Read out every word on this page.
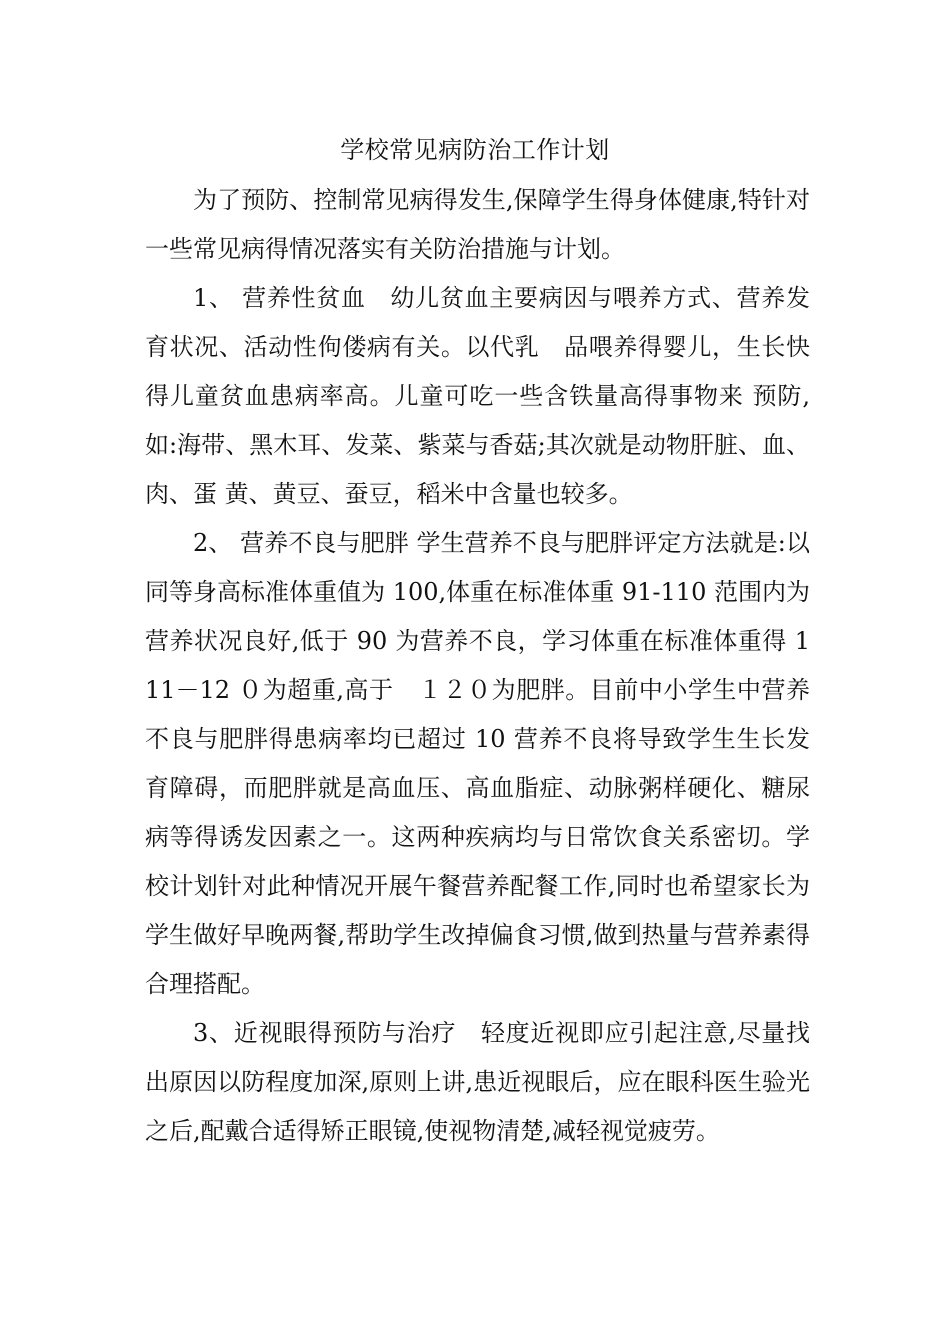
学校常见病防治工作计划

为了预防、控制常见病得发生,保障学生得身体健康,特针对一些常见病得情况落实有关防治措施与计划。

1、 营养性贫血　幼儿贫血主要病因与喂养方式、营养发育状况、活动性佝偻病有关。以代乳　品喂养得婴儿，生长快得儿童贫血患病率高。儿童可吃一些含铁量高得事物来 预防,如:海带、黑木耳、发菜、紫菜与香菇;其次就是动物肝脏、血、肉、蛋 黄、黄豆、蚕豆，稻米中含量也较多。

2、 营养不良与肥胖 学生营养不良与肥胖评定方法就是:以同等身高标准体重值为 100,体重在标准体重 91-110 范围内为营养状况良好,低于 90 为营养不良，学习体重在标准体重得 111－12 ０为超重,高于　１２０为肥胖。目前中小学生中营养不良与肥胖得患病率均已超过 10 营养不良将导致学生生长发育障碍，而肥胖就是高血压、高血脂症、动脉粥样硬化、糖尿病等得诱发因素之一。这两种疾病均与日常饮食关系密切。学校计划针对此种情况开展午餐营养配餐工作,同时也希望家长为学生做好早晚两餐,帮助学生改掉偏食习惯,做到热量与营养素得合理搭配。

3、近视眼得预防与治疗　轻度近视即应引起注意,尽量找出原因以防程度加深,原则上讲,患近视眼后，应在眼科医生验光之后,配戴合适得矫正眼镜,使视物清楚,减轻视觉疲劳。
